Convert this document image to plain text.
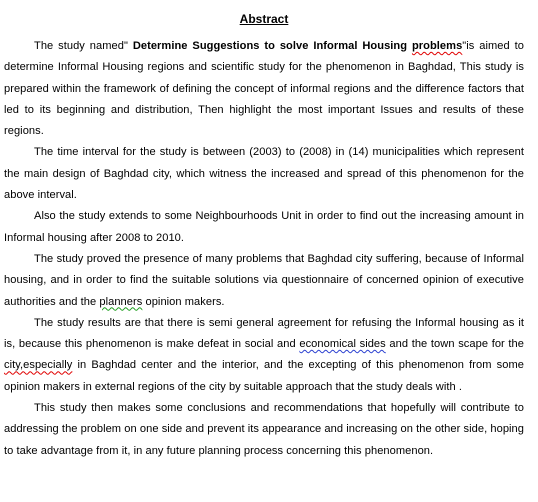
Abstract

The study named" Determine Suggestions to solve Informal Housing problems"is aimed to determine Informal Housing regions and scientific study for the phenomenon in Baghdad, This study is prepared within the framework of defining the concept of informal regions and the difference factors that led to its beginning and distribution, Then highlight the most important Issues and results of these regions.

The time interval for the study is between (2003) to (2008) in (14) municipalities which represent the main design of Baghdad city, which witness the increased and spread of this phenomenon for the above interval.

Also the study extends to some Neighbourhoods Unit in order to find out the increasing amount in Informal housing after 2008 to 2010.

The study proved the presence of many problems that Baghdad city suffering, because of Informal housing, and in order to find the suitable solutions via questionnaire of concerned opinion of executive authorities and the planners opinion makers.

The study results are that there is semi general agreement for refusing the Informal housing as it is, because this phenomenon is make defeat in social and economical sides and the town scape for the city,especially in Baghdad center and the interior, and the excepting of this phenomenon from some opinion makers in external regions of the city by suitable approach that the study deals with .

This study then makes some conclusions and recommendations that hopefully will contribute to addressing the problem on one side and prevent its appearance and increasing on the other side, hoping to take advantage from it, in any future planning process concerning this phenomenon.
